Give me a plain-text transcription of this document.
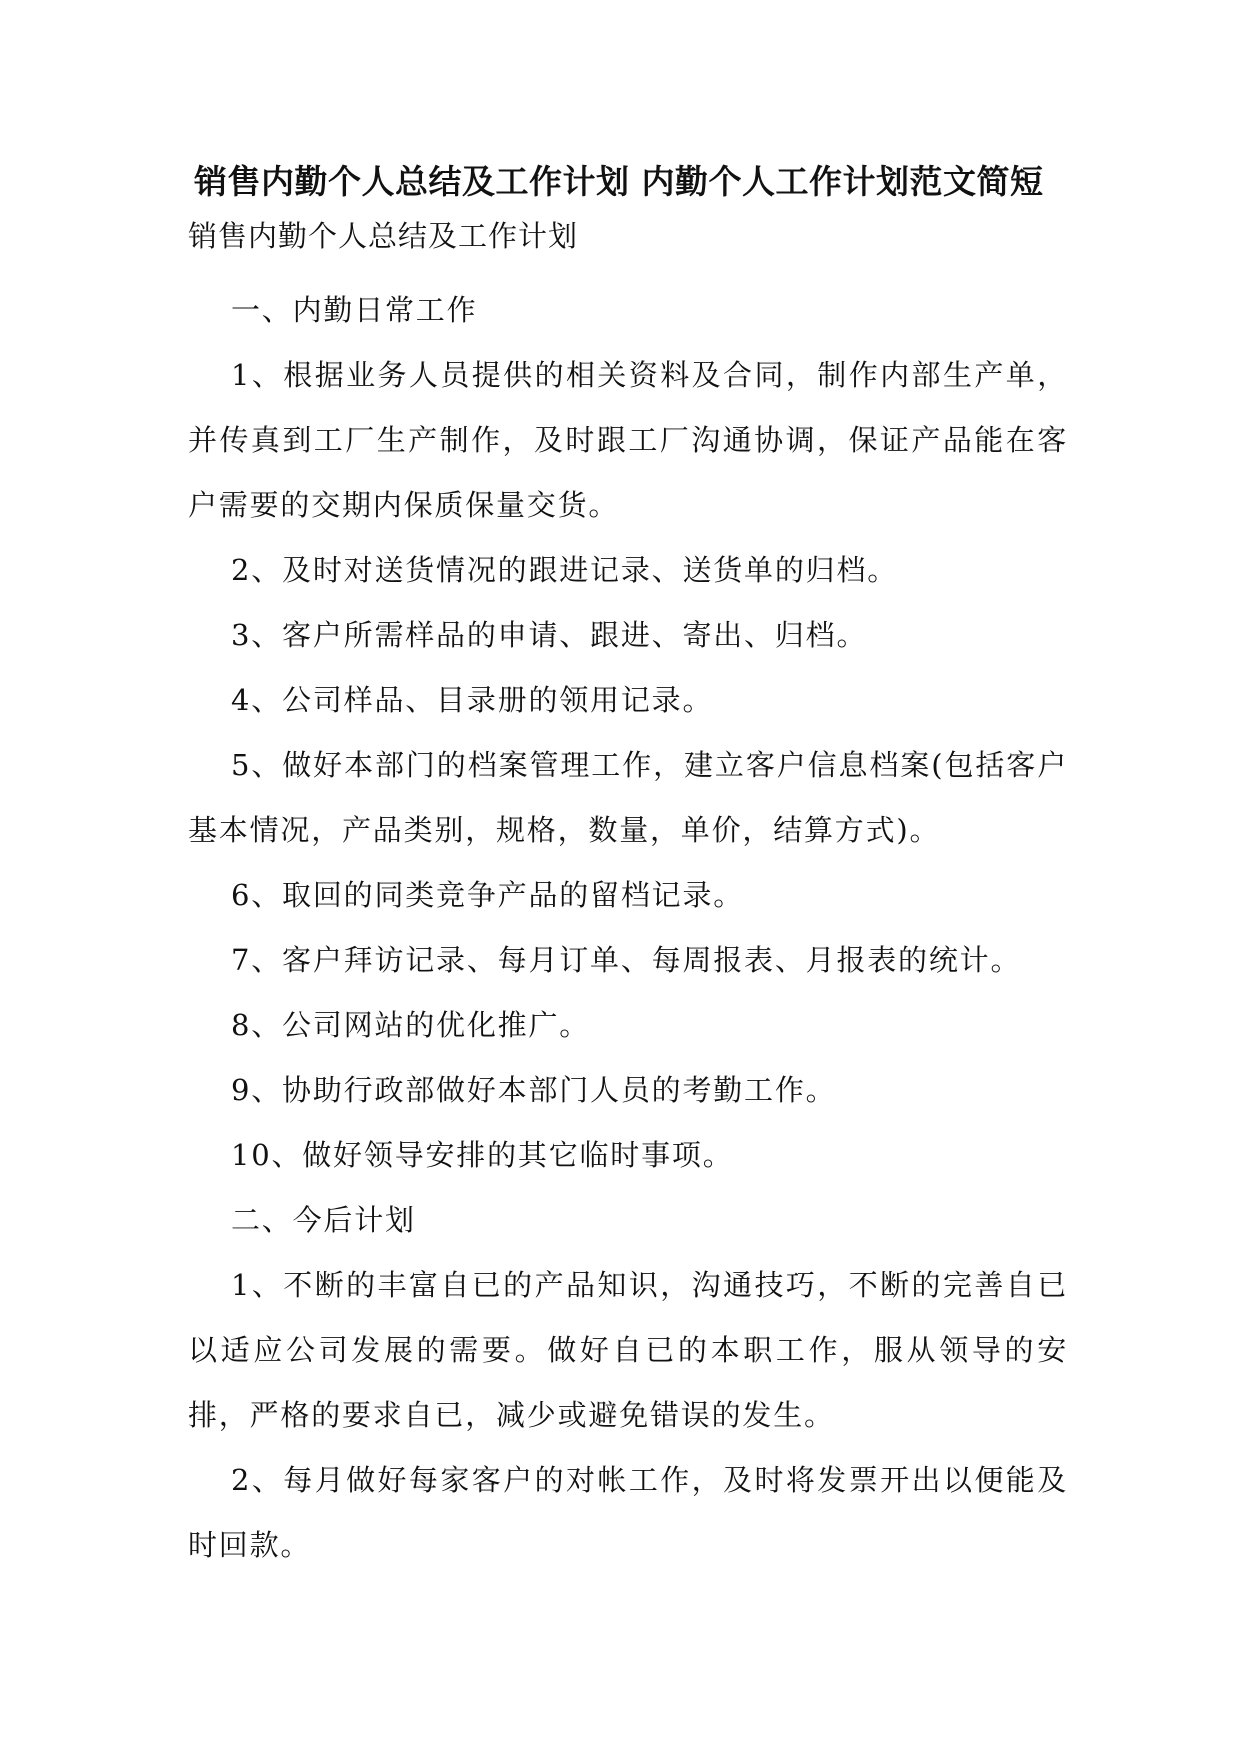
销售内勤个人总结及工作计划 内勤个人工作计划范文简短

销售内勤个人总结及工作计划

一、内勤日常工作

1、根据业务人员提供的相关资料及合同，制作内部生产单，并传真到工厂生产制作，及时跟工厂沟通协调，保证产品能在客户需要的交期内保质保量交货。

2、及时对送货情况的跟进记录、送货单的归档。

3、客户所需样品的申请、跟进、寄出、归档。

4、公司样品、目录册的领用记录。

5、做好本部门的档案管理工作，建立客户信息档案(包括客户基本情况，产品类别，规格，数量，单价，结算方式)。

6、取回的同类竞争产品的留档记录。

7、客户拜访记录、每月订单、每周报表、月报表的统计。

8、公司网站的优化推广。

9、协助行政部做好本部门人员的考勤工作。

10、做好领导安排的其它临时事项。

二、今后计划

1、不断的丰富自已的产品知识，沟通技巧，不断的完善自已以适应公司发展的需要。做好自已的本职工作，服从领导的安排，严格的要求自已，减少或避免错误的发生。

2、每月做好每家客户的对帐工作，及时将发票开出以便能及时回款。
